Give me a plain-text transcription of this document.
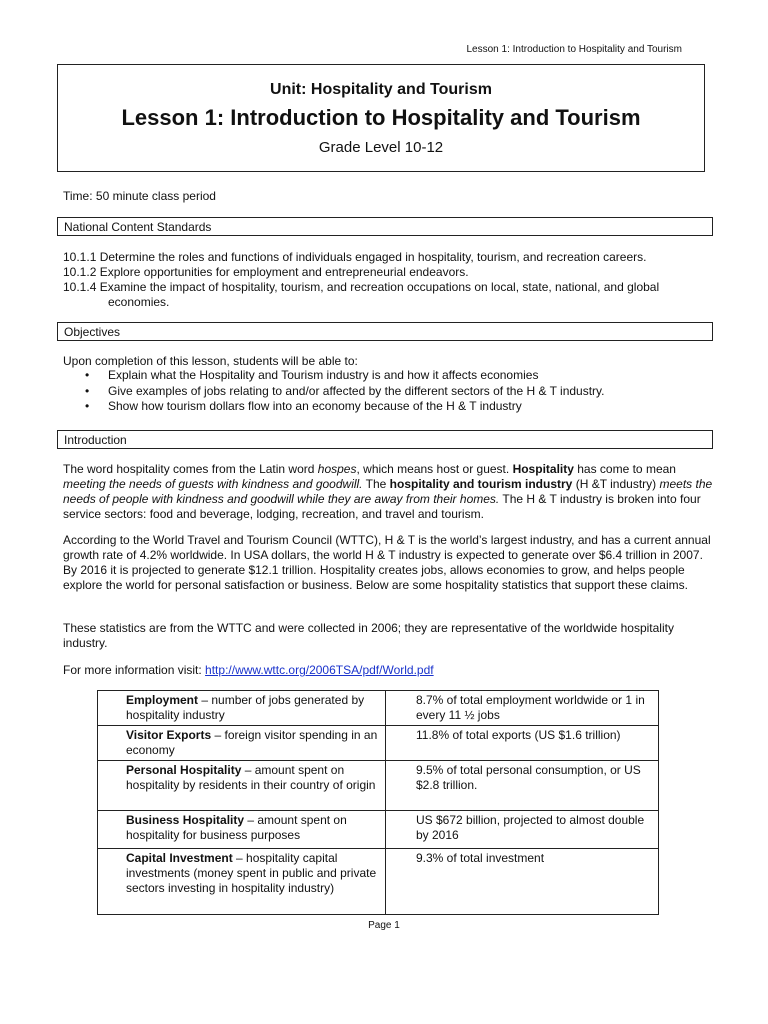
Lesson 1: Introduction to Hospitality and Tourism
Unit: Hospitality and Tourism
Lesson 1: Introduction to Hospitality and Tourism
Grade Level 10-12
Time: 50 minute class period
National Content Standards

10.1.1 Determine the roles and functions of individuals engaged in hospitality, tourism, and recreation careers.

10.1.2 Explore opportunities for employment and entrepreneurial endeavors.

10.1.4 Examine the impact of hospitality, tourism, and recreation occupations on local, state, national, and global

economies.

Objectives
Upon completion of this lesson, students will be able to:
• Explain what the Hospitality and Tourism industry is and how it affects economies
• Give examples of jobs relating to and/or affected by the different sectors of the H & T industry.
• Show how tourism dollars flow into an economy because of the H & T industry
Introduction

The word hospitality comes from the Latin word hospes, which means host or guest. Hospitality has come to mean meeting the needs of guests with kindness and goodwill. The hospitality and tourism industry (H &T industry) meets the needs of people with kindness and goodwill while they are away from their homes. The H & T industry is broken into four service sectors: food and beverage, lodging, recreation, and travel and tourism.

According to the World Travel and Tourism Council (WTTC), H & T is the world’s largest industry, and has a current annual growth rate of 4.2% worldwide. In USA dollars, the world H & T industry is expected to generate over $6.4 trillion in 2007. By 2016 it is projected to generate $12.1 trillion. Hospitality creates jobs, allows economies to grow, and helps people explore the world for personal satisfaction or business. Below are some hospitality statistics that support these claims.

These statistics are from the WTTC and were collected in 2006; they are representative of the worldwide hospitality industry.

For more information visit: http://www.wttc.org/2006TSA/pdf/World.pdf

Employment – number of jobs generated by hospitality industry	8.7% of total employment worldwide or 1 in every 11 ½ jobs
Visitor Exports – foreign visitor spending in an economy	11.8% of total exports (US $1.6 trillion)
Personal Hospitality – amount spent on hospitality by residents in their country of origin	9.5% of total personal consumption, or US $2.8 trillion.
Business Hospitality – amount spent on hospitality for business purposes	US $672 billion, projected to almost double by 2016
Capital Investment – hospitality capital investments (money spent in public and private sectors investing in hospitality industry)	9.3% of total investment
Page 1
